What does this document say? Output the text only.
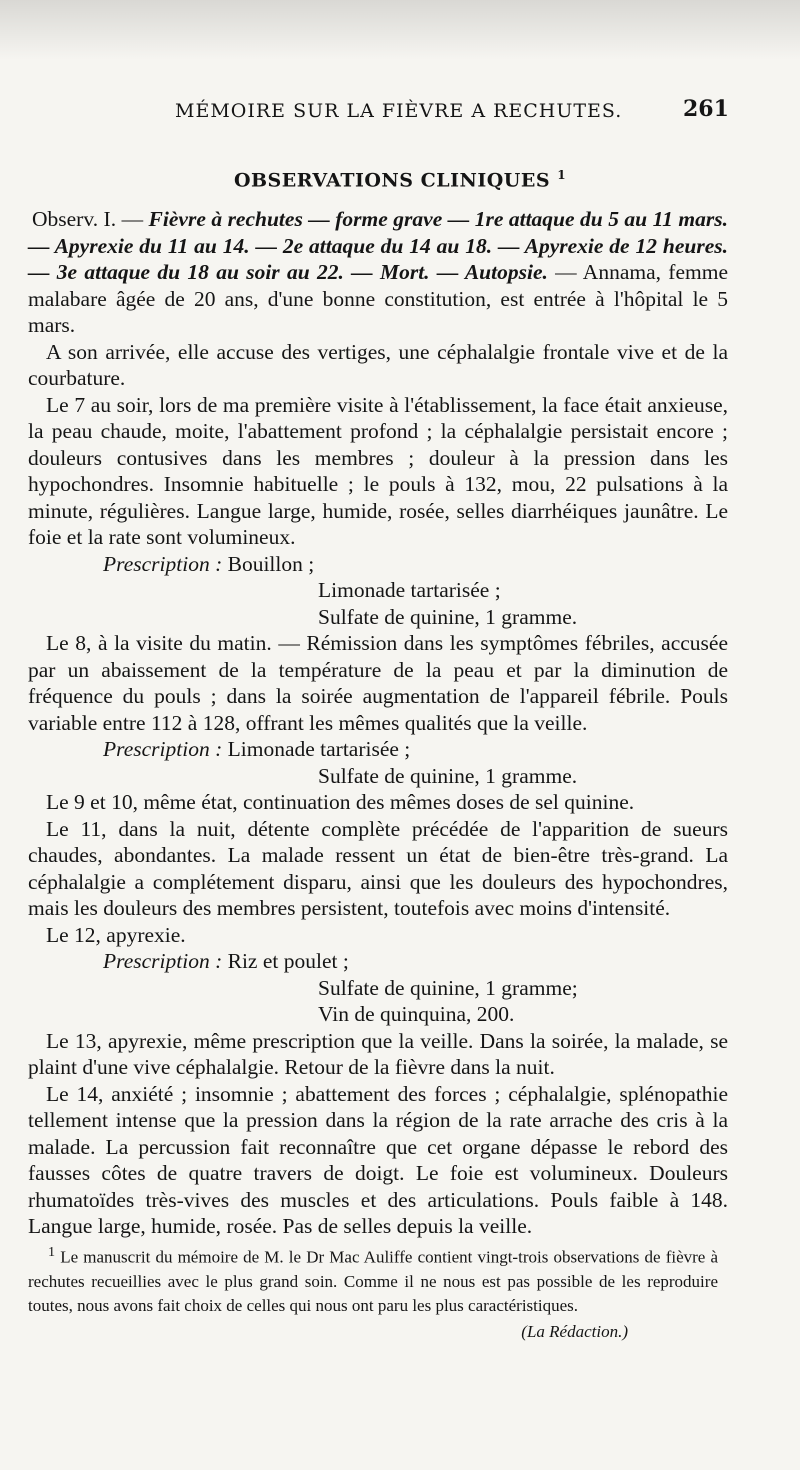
MÉMOIRE SUR LA FIÈVRE A RECHUTES.	261
OBSERVATIONS CLINIQUES $^1$

Observ. I. — Fièvre à rechutes — forme grave — 1re attaque du 5 au 11 mars. — Apyrexie du 11 au 14. — 2e attaque du 14 au 18. — Apyrexie de 12 heures. — 3e attaque du 18 au soir au 22. — Mort. — Autopsie. — Annama, femme malabare âgée de 20 ans, d'une bonne constitution, est entrée à l'hôpital le 5 mars.

A son arrivée, elle accuse des vertiges, une céphalalgie frontale vive et de la courbature.

Le 7 au soir, lors de ma première visite à l'établissement, la face était anxieuse, la peau chaude, moite, l'abattement profond ; la céphalalgie persistait encore ; douleurs contusives dans les membres ; douleur à la pression dans les hypochondres. Insomnie habituelle ; le pouls à 132, mou, 22 pulsations à la minute, régulières. Langue large, humide, rosée, selles diarrhéiques jaunâtre. Le foie et la rate sont volumineux.

Prescription : Bouillon ;
Limonade tartarisée ;
Sulfate de quinine, 1 gramme.

Le 8, à la visite du matin. — Rémission dans les symptômes fébriles, accusée par un abaissement de la température de la peau et par la diminution de fréquence du pouls ; dans la soirée augmentation de l'appareil fébrile. Pouls variable entre 112 à 128, offrant les mêmes qualités que la veille.

Prescription : Limonade tartarisée ;
Sulfate de quinine, 1 gramme.

Le 9 et 10, même état, continuation des mêmes doses de sel quinine.

Le 11, dans la nuit, détente complète précédée de l'apparition de sueurs chaudes, abondantes. La malade ressent un état de bien-être très-grand. La céphalalgie a complétement disparu, ainsi que les douleurs des hypochondres, mais les douleurs des membres persistent, toutefois avec moins d'intensité.

Le 12, apyrexie.

Prescription : Riz et poulet ;
Sulfate de quinine, 1 gramme;
Vin de quinquina, 200.

Le 13, apyrexie, même prescription que la veille. Dans la soirée, la malade, se plaint d'une vive céphalalgie. Retour de la fièvre dans la nuit.

Le 14, anxiété ; insomnie ; abattement des forces ; céphalalgie, splénopathie tellement intense que la pression dans la région de la rate arrache des cris à la malade. La percussion fait reconnaître que cet organe dépasse le rebord des fausses côtes de quatre travers de doigt. Le foie est volumineux. Douleurs rhumatoïdes très-vives des muscles et des articulations. Pouls faible à 148. Langue large, humide, rosée. Pas de selles depuis la veille.

$^1$ Le manuscrit du mémoire de M. le Dr Mac Auliffe contient vingt-trois observations de fièvre à rechutes recueillies avec le plus grand soin. Comme il ne nous est pas possible de les reproduire toutes, nous avons fait choix de celles qui nous ont paru les plus caractéristiques.

(La Rédaction.)
